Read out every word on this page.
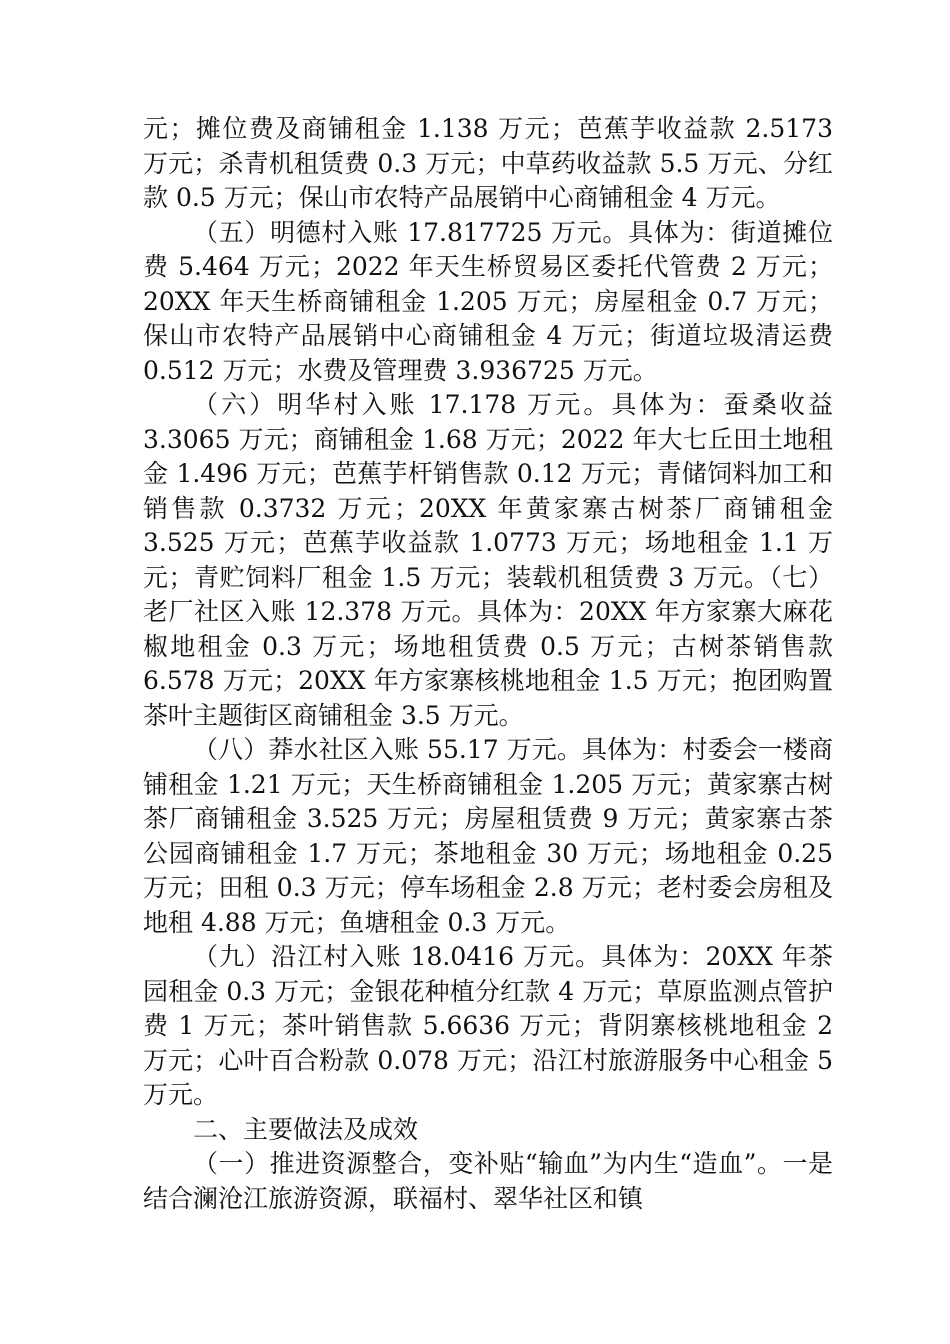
元；摊位费及商铺租金 1.138 万元；芭蕉芋收益款 2.5173 万元；杀青机租赁费 0.3 万元；中草药收益款 5.5 万元、分红款 0.5 万元；保山市农特产品展销中心商铺租金 4 万元。

（五）明德村入账 17.817725 万元。具体为：街道摊位费 5.464 万元；2022 年天生桥贸易区委托代管费 2 万元；20XX 年天生桥商铺租金 1.205 万元；房屋租金 0.7 万元；保山市农特产品展销中心商铺租金 4 万元；街道垃圾清运费 0.512 万元；水费及管理费 3.936725 万元。

（六）明华村入账 17.178 万元。具体为：蚕桑收益 3.3065 万元；商铺租金 1.68 万元；2022 年大七丘田土地租金 1.496 万元；芭蕉芋杆销售款 0.12 万元；青储饲料加工和销售款 0.3732 万元；20XX 年黄家寨古树茶厂商铺租金 3.525 万元；芭蕉芋收益款 1.0773 万元；场地租金 1.1 万元；青贮饲料厂租金 1.5 万元；装载机租赁费 3 万元。（七）老厂社区入账 12.378 万元。具体为：20XX 年方家寨大麻花椒地租金 0.3 万元；场地租赁费 0.5 万元；古树茶销售款 6.578 万元；20XX 年方家寨核桃地租金 1.5 万元；抱团购置茶叶主题街区商铺租金 3.5 万元。

（八）莽水社区入账 55.17 万元。具体为：村委会一楼商铺租金 1.21 万元；天生桥商铺租金 1.205 万元；黄家寨古树茶厂商铺租金 3.525 万元；房屋租赁费 9 万元；黄家寨古茶公园商铺租金 1.7 万元；茶地租金 30 万元；场地租金 0.25 万元；田租 0.3 万元；停车场租金 2.8 万元；老村委会房租及地租 4.88 万元；鱼塘租金 0.3 万元。

（九）沿江村入账 18.0416 万元。具体为：20XX 年茶园租金 0.3 万元；金银花种植分红款 4 万元；草原监测点管护费 1 万元；茶叶销售款 5.6636 万元；背阴寨核桃地租金 2 万元；心叶百合粉款 0.078 万元；沿江村旅游服务中心租金 5 万元。

二、主要做法及成效

（一）推进资源整合，变补贴“输血”为内生“造血”。一是结合澜沧江旅游资源，联福村、翠华社区和镇
